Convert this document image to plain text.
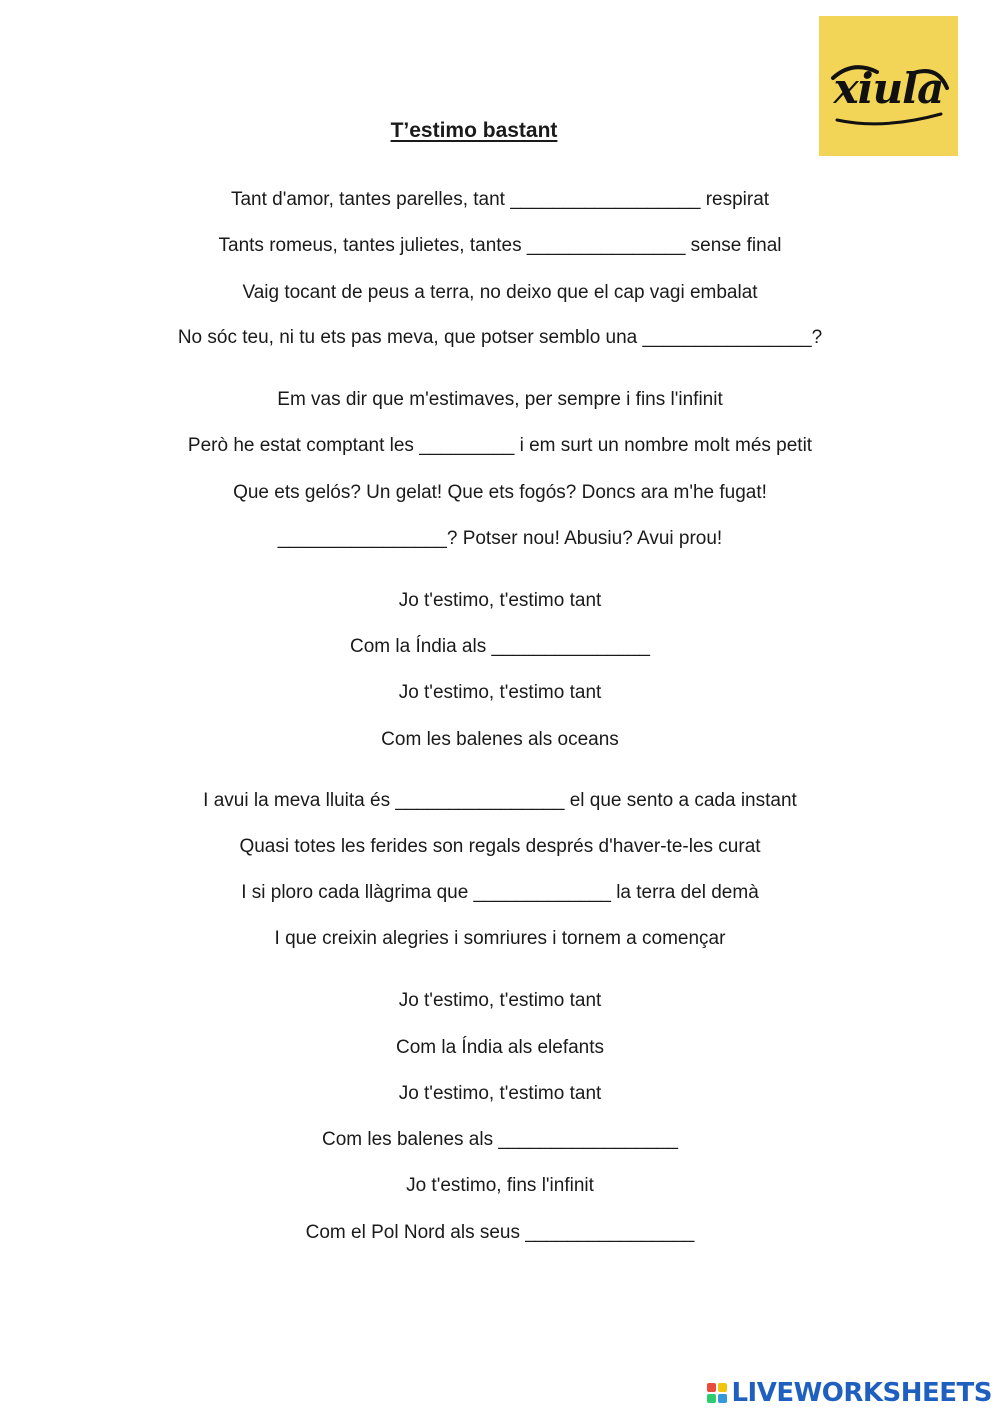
xiula
T’estimo bastant
Tant d'amor, tantes parelles, tant __________________ respirat
Tants romeus, tantes julietes, tantes _______________ sense final
Vaig tocant de peus a terra, no deixo que el cap vagi embalat
No sóc teu, ni tu ets pas meva, que potser semblo una ________________?
Em vas dir que m'estimaves, per sempre i fins l'infinit
Però he estat comptant les _________ i em surt un nombre molt més petit
Que ets gelós? Un gelat! Que ets fogós? Doncs ara m'he fugat!
________________? Potser nou! Abusiu? Avui prou!
Jo t'estimo, t'estimo tant
Com la Índia als _______________
Jo t'estimo, t'estimo tant
Com les balenes als oceans
I avui la meva lluita és ________________ el que sento a cada instant
Quasi totes les ferides son regals després d'haver-te-les curat
I si ploro cada llàgrima que _____________ la terra del demà
I que creixin alegries i somriures i tornem a començar
Jo t'estimo, t'estimo tant
Com la Índia als elefants
Jo t'estimo, t'estimo tant
Com les balenes als _________________
Jo t'estimo, fins l'infinit
Com el Pol Nord als seus ________________
LIVEWORKSHEETS
